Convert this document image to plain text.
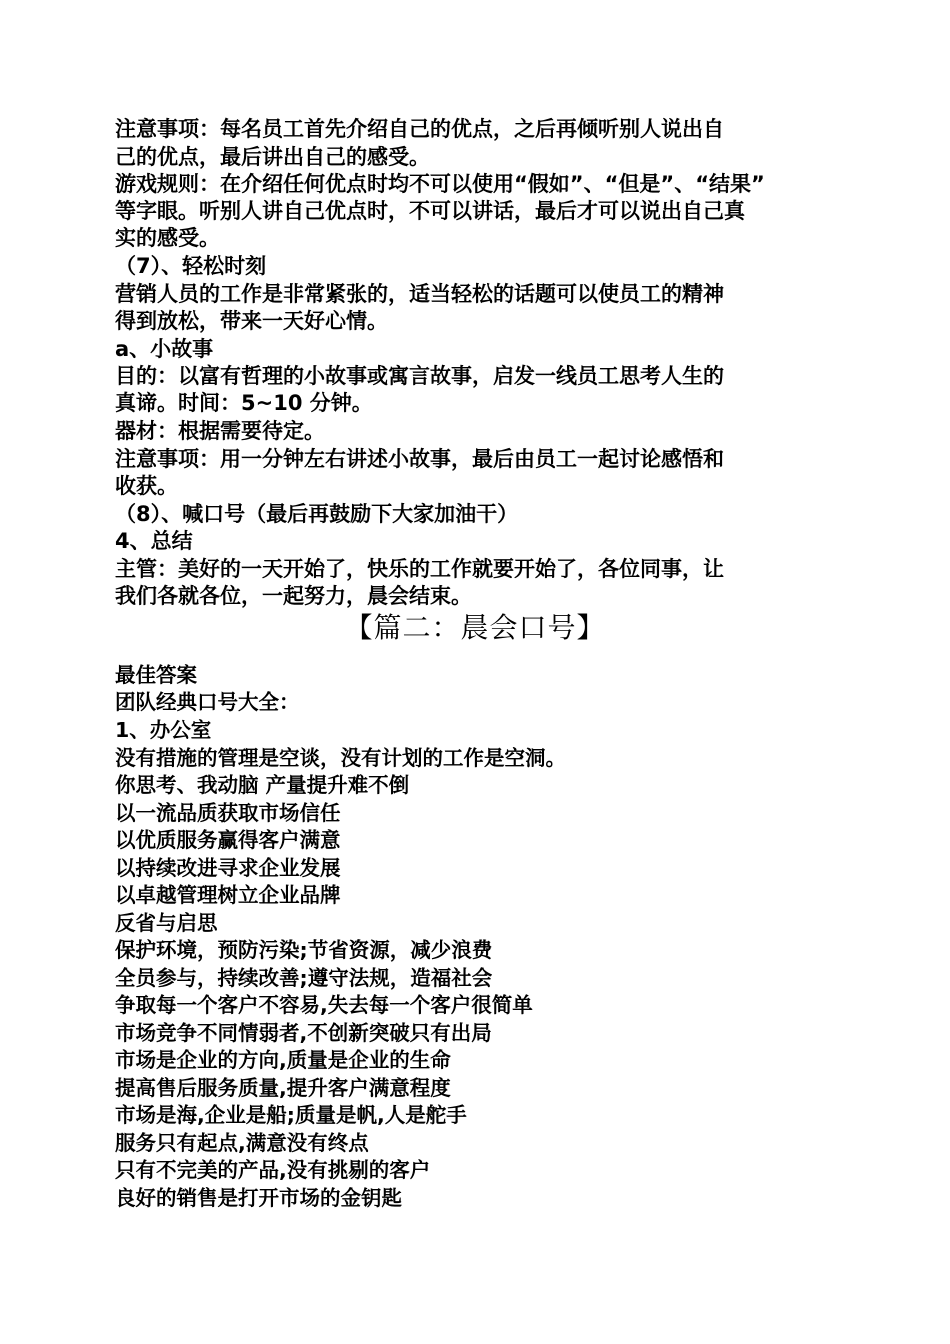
注意事项：每名员工首先介绍自己的优点，之后再倾听别人说出自
己的优点，最后讲出自己的感受。
游戏规则：在介绍任何优点时均不可以使用“假如”、“但是”、“结果”
等字眼。听别人讲自己优点时，不可以讲话，最后才可以说出自己真
实的感受。
（7）、轻松时刻
营销人员的工作是非常紧张的，适当轻松的话题可以使员工的精神
得到放松，带来一天好心情。
a、小故事
目的：以富有哲理的小故事或寓言故事，启发一线员工思考人生的
真谛。时间：5~10 分钟。
器材：根据需要待定。
注意事项：用一分钟左右讲述小故事，最后由员工一起讨论感悟和
收获。
（8）、喊口号（最后再鼓励下大家加油干）
4、总结
主管：美好的一天开始了，快乐的工作就要开始了，各位同事，让
我们各就各位，一起努力，晨会结束。
【篇二：晨会口号】
最佳答案
团队经典口号大全：
1、办公室
没有措施的管理是空谈，没有计划的工作是空洞。
你思考、我动脑 产量提升难不倒
以一流品质获取市场信任
以优质服务赢得客户满意
以持续改进寻求企业发展
以卓越管理树立企业品牌
反省与启思
保护环境，预防污染;节省资源，减少浪费
全员参与，持续改善;遵守法规，造福社会
争取每一个客户不容易,失去每一个客户很简单
市场竞争不同情弱者,不创新突破只有出局
市场是企业的方向,质量是企业的生命
提高售后服务质量,提升客户满意程度
市场是海,企业是船;质量是帆,人是舵手
服务只有起点,满意没有终点
只有不完美的产品,没有挑剔的客户
良好的销售是打开市场的金钥匙
